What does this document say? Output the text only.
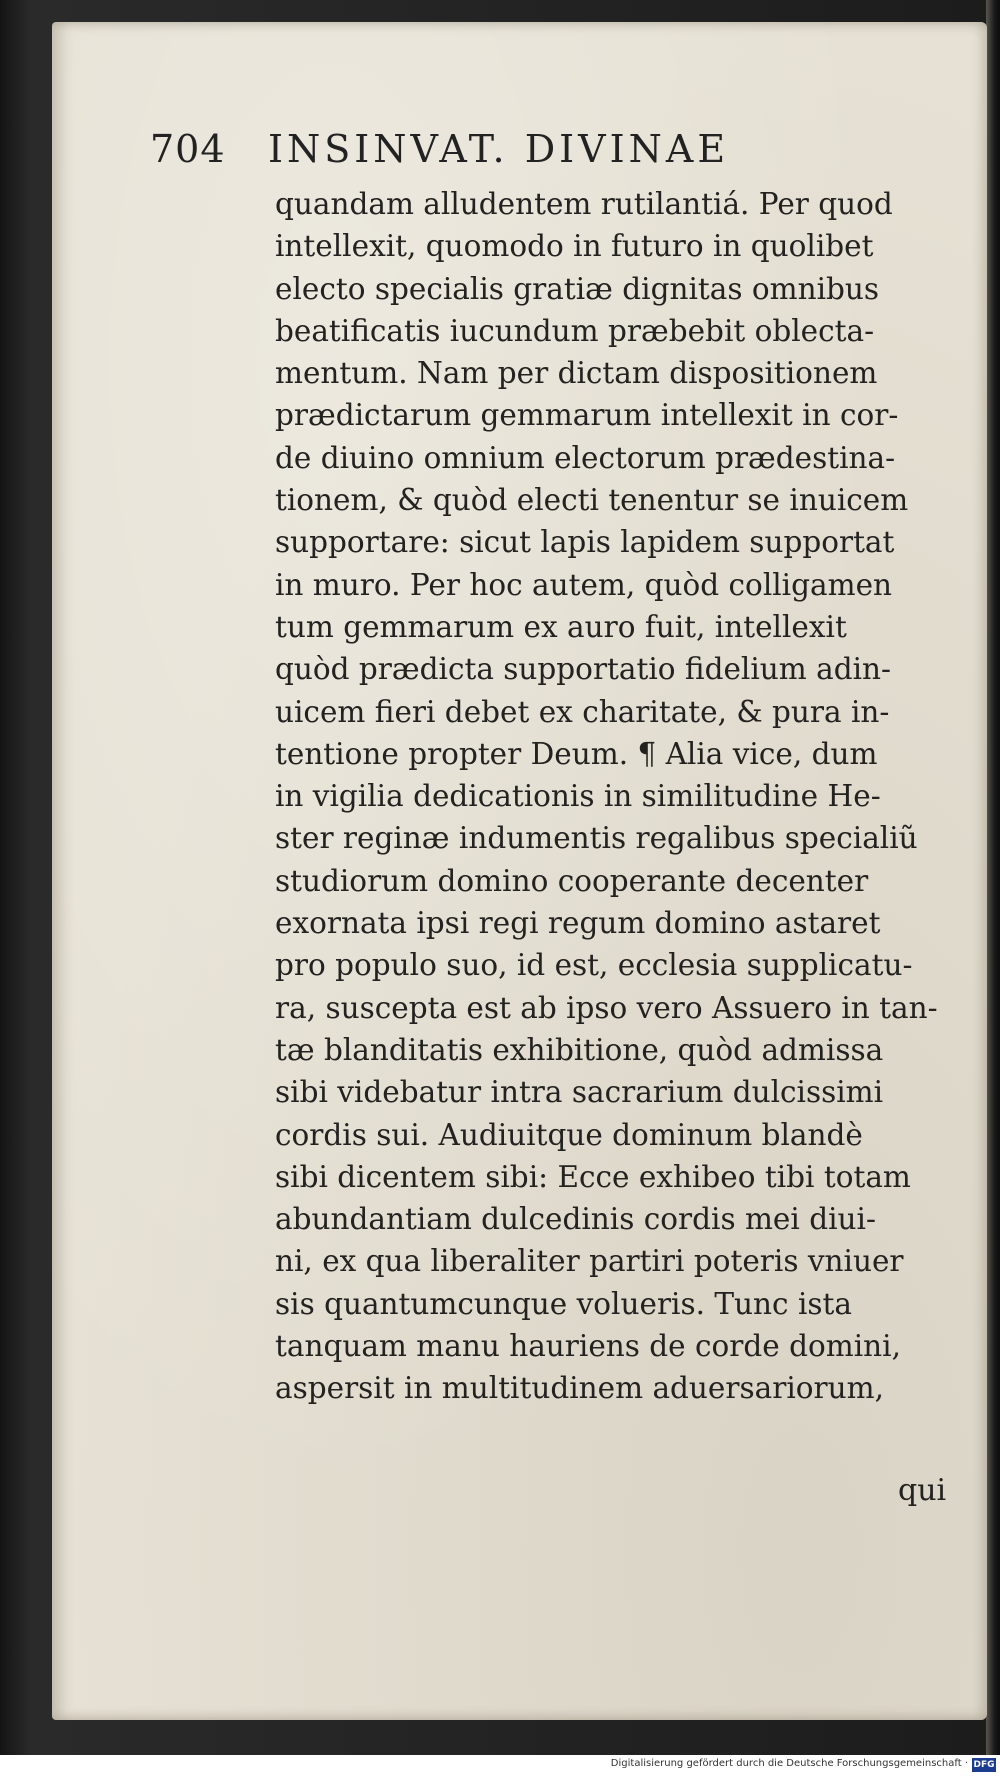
704 INSINVAT. DIVINAE
quandam alludentem rutilantiá. Per quod
intellexit, quomodo in futuro in quolibet
electo specialis gratiæ dignitas omnibus
beatificatis iucundum præbebit oblecta-
mentum. Nam per dictam dispositionem
prædictarum gemmarum intellexit in cor-
de diuino omnium electorum prædestina-
tionem, & quòd electi tenentur se inuicem
supportare: sicut lapis lapidem supportat
in muro. Per hoc autem, quòd colligamen
tum gemmarum ex auro fuit, intellexit
quòd prædicta supportatio fidelium adin-
uicem fieri debet ex charitate, & pura in-
tentione propter Deum. ¶ Alia vice, dum
in vigilia dedicationis in similitudine He-
ster reginæ indumentis regalibus specialiũ
studiorum domino cooperante decenter
exornata ipsi regi regum domino astaret
pro populo suo, id est, ecclesia supplicatu-
ra, suscepta est ab ipso vero Assuero in tan-
tæ blanditatis exhibitione, quòd admissa
sibi videbatur intra sacrarium dulcissimi
cordis sui. Audiuitque dominum blandè
sibi dicentem sibi: Ecce exhibeo tibi totam
abundantiam dulcedinis cordis mei diui-
ni, ex qua liberaliter partiri poteris vniuer
sis quantumcunque volueris. Tunc ista
tanquam manu hauriens de corde domini,
aspersit in multitudinem aduersariorum,
qui
Digitalisierung gefördert durch die Deutsche Forschungsgemeinschaft · DFG
